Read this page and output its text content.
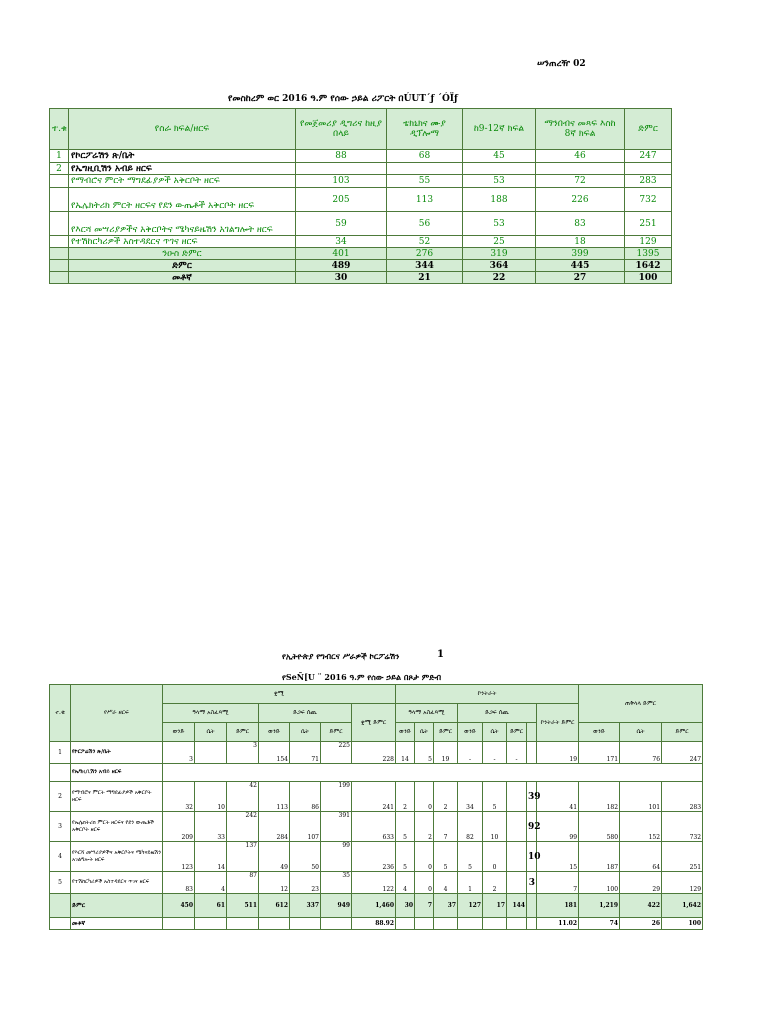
ሠንጠረዥ 02
የመስከረም ወር 2016 ዓ.ም የሰው ኃይል ሪፖርት በÚUT´ƒ ´ÓÏƒ
ተ.ቁ	የስራ ክፍል/ዘርፍ	የመጀመሪያ ዲግሪና ከዚያ በላይ	ቴክኒክና ሙያ ዲፕሎማ	ከ9-12ኛ ክፍል	ማንበብና መጻፍ እስከ 8ኛ ክፍል	ድምር
1	የኮርፖሬሽን ጽ/ቤት	88	68	45	46	247
2	የኤግዚቢሽን አብይ ዘርፍ					
	የማብሮና ምርት ማግደፊያዎች አቅርቦት ዘርፍ	103	55	53	72	283
	የኤሌክትሪክ ምርት ዘርፍና የደን ውጤቶች አቅርቦት ዘርፍ	205	113	188	226	732
	የእርሻ መሣሪያዎችና አቅርቦትና ሜካናይዜሽን አገልግሎት ዘርፍ	59	56	53	83	251
	የተሽከርካሪዎች አስተዳደርና ጥገና ዘርፍ	34	52	25	18	129
	ንዑስ ድምር	401	276	319	399	1395
	ድምር	489	344	364	445	1642
	መቶኛ	30	21	22	27	100
የኢትዮጵያ የግብርና ሥራዎች ኮርፖሬሽን	1
የSeÑ[U ¨ 2016 ዓ.ም የሰው ኃይል በጾታ ምድብ
ተ.ቁ	የሥራ ዘርፍ	ቋሚ							ኮንትራት								ጠቅላላ ድምር		
		ዓላማ አስፈጻሚ			ድጋፍ ሰጪ			ቋሚ ድምር	ዓላማ አስፈጻሚ			ድጋፍ ሰጪ				ኮንትራት ድምር			
		ወንድ	ሴት	ድምር	ወንድ	ሴት	ድምር		ወንድ	ሴት	ድምር	ወንድ	ሴት	ድምር			ወንድ	ሴት	ድምር
1	የኮርፖሬሽን ጽ/ቤት	3		3	154	71	225	228	14	5	19	-	-	-		19	171	76	247
	የኤግዚቢሽን አብይ ዘርፍ																		
2	የማብሮና ምርት ማግደፊያዎች አቅርቦት ዘርፍ	32	10	42	113	86	199	241	2	0	2	34	5		39	41	182	101	283
3	የኤሌክትሪክ ምርት ዘርፍና የደን ውጤቶች አቅርቦት ዘርፍ	209	33	242	284	107	391	633	5	2	7	82	10		92	99	580	152	732
4	የእርሻ መሣሪያዎችና አቅርቦትና ሜካናይዜሽን አገልግሎት ዘርፍ	123	14	137	49	50	99	236	5	0	5	5	0		10	15	187	64	251
5	የተሽከርካሪዎች አስተዳደርና ጥገና ዘርፍ	83	4	87	12	23	35	122	4	0	4	1	2		3	7	100	29	129
	ድምር	450	61	511	612	337	949	1,460	30	7	37	127	17	144		181	1,219	422	1,642
	መቶኛ							88.92								11.02	74	26	100
